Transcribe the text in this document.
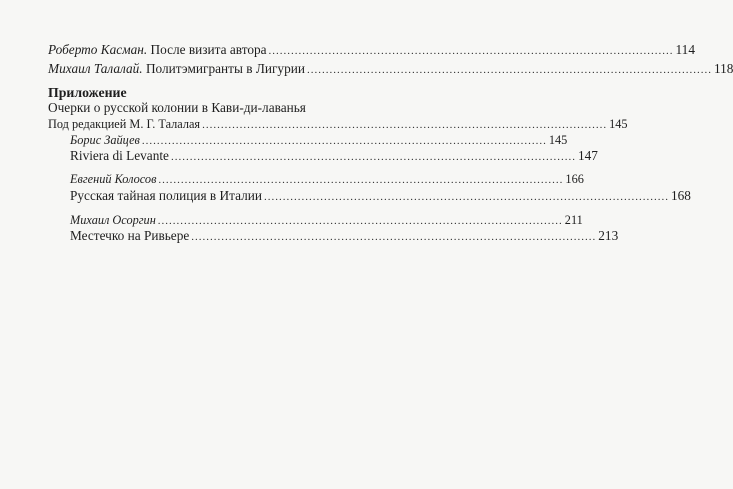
Роберто Касман. После визита автора ............................................................................................................ 114
Михаил Талалай. Политэмигранты в Лигурии ............................................................................................................ 118
Приложение
Очерки о русской колонии в Кави-ди-лаванья
Под редакцией М. Г. Талалая ............................................................................................................ 145
Борис Зайцев ............................................................................................................ 145
Riviera di Levante ............................................................................................................ 147
Евгений Колосов ............................................................................................................ 166
Русская тайная полиция в Италии ............................................................................................................ 168
Михаил Осоргин ............................................................................................................ 211
Местечко на Ривьере ............................................................................................................ 213
